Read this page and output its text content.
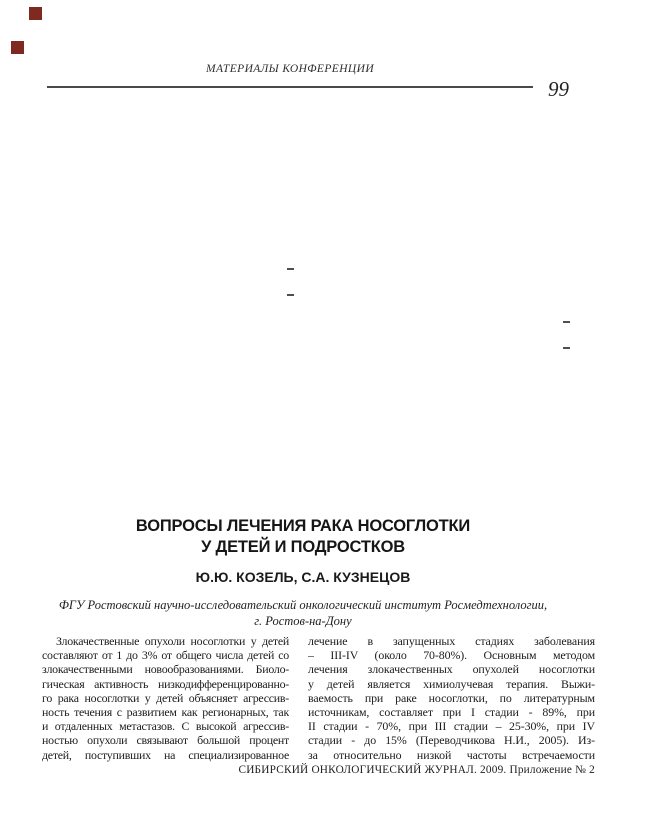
МАТЕРИАЛЫ КОНФЕРЕНЦИИ
99
ВОПРОСЫ ЛЕЧЕНИЯ РАКА НОСОГЛОТКИ
У ДЕТЕЙ И ПОДРОСТКОВ
Ю.Ю. КОЗЕЛЬ, С.А. КУЗНЕЦОВ
ФГУ Ростовский научно-исследовательский онкологический институт Росмедтехнологии,
г. Ростов-на-Дону
Злокачественные опухоли носоглотки у детей
составляют от 1 до 3% от общего числа детей со
злокачественными новообразованиями. Биоло-
гическая активность низкодифференцированно-
го рака носоглотки у детей объясняет агрессив-
ность течения с развитием как регионарных, так
и отдаленных метастазов. С высокой агрессив-
ностью опухоли связывают большой процент
детей, поступивших на специализированное
лечение в запущенных стадиях заболевания
– III-IV (около 70-80%). Основным методом
лечения злокачественных опухолей носоглотки
у детей является химиолучевая терапия. Выжи-
ваемость при раке носоглотки, по литературным
источникам, составляет при I стадии - 89%, при
II стадии - 70%, при III стадии – 25-30%, при IV
стадии - до 15% (Переводчикова Н.И., 2005). Из-
за относительно низкой частоты встречаемости
СИБИРСКИЙ ОНКОЛОГИЧЕСКИЙ ЖУРНАЛ. 2009. Приложение № 2
